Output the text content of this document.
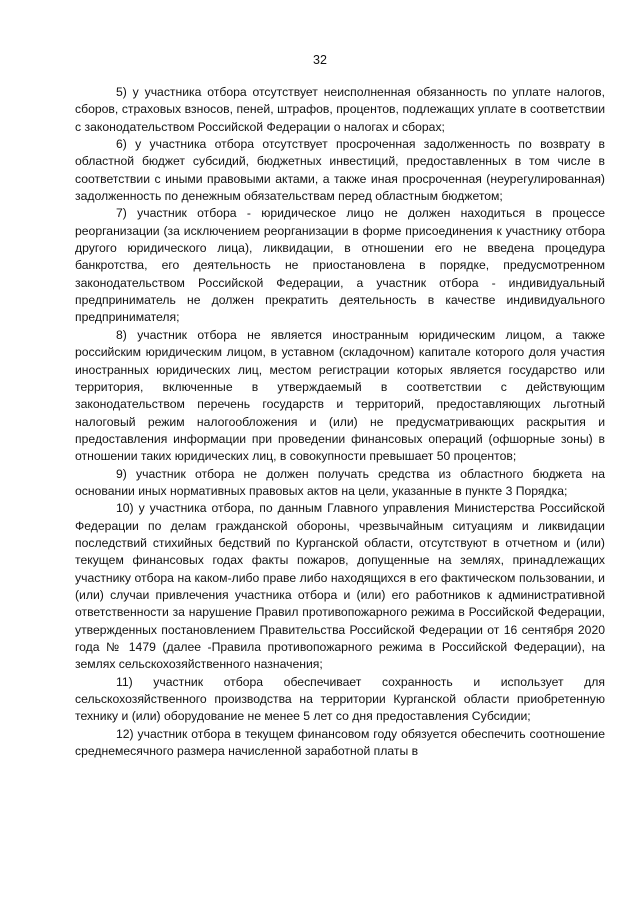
32

5) у участника отбора отсутствует неисполненная обязанность по уплате налогов, сборов, страховых взносов, пеней, штрафов, процентов, подлежащих уплате в соответствии с законодательством Российской Федерации о налогах и сборах;

6) у участника отбора отсутствует просроченная задолженность по возврату в областной бюджет субсидий, бюджетных инвестиций, предоставленных в том числе в соответствии с иными правовыми актами, а также иная просроченная (неурегулированная) задолженность по денежным обязательствам перед областным бюджетом;

7) участник отбора - юридическое лицо не должен находиться в процессе реорганизации (за исключением реорганизации в форме присоединения к участнику отбора другого юридического лица), ликвидации, в отношении его не введена процедура банкротства, его деятельность не приостановлена в порядке, предусмотренном законодательством Российской Федерации, а участник отбора - индивидуальный предприниматель не должен прекратить деятельность в качестве индивидуального предпринимателя;

8) участник отбора не является иностранным юридическим лицом, а также российским юридическим лицом, в уставном (складочном) капитале которого доля участия иностранных юридических лиц, местом регистрации которых является государство или территория, включенные в утверждаемый в соответствии с действующим законодательством перечень государств и территорий, предоставляющих льготный налоговый режим налогообложения и (или) не предусматривающих раскрытия и предоставления информации при проведении финансовых операций (офшорные зоны) в отношении таких юридических лиц, в совокупности превышает 50 процентов;

9) участник отбора не должен получать средства из областного бюджета на основании иных нормативных правовых актов на цели, указанные в пункте 3 Порядка;

10) у участника отбора, по данным Главного управления Министерства Российской Федерации по делам гражданской обороны, чрезвычайным ситуациям и ликвидации последствий стихийных бедствий по Курганской области, отсутствуют в отчетном и (или) текущем финансовых годах факты пожаров, допущенные на землях, принадлежащих участнику отбора на каком-либо праве либо находящихся в его фактическом пользовании, и (или) случаи привлечения участника отбора и (или) его работников к административной ответственности за нарушение Правил противопожарного режима в Российской Федерации, утвержденных постановлением Правительства Российской Федерации от 16 сентября 2020 года № 1479 (далее -Правила противопожарного режима в Российской Федерации), на землях сельскохозяйственного назначения;

11) участник отбора обеспечивает сохранность и использует для сельскохозяйственного производства на территории Курганской области приобретенную технику и (или) оборудование не менее 5 лет со дня предоставления Субсидии;

12) участник отбора в текущем финансовом году обязуется обеспечить соотношение среднемесячного размера начисленной заработной платы в
